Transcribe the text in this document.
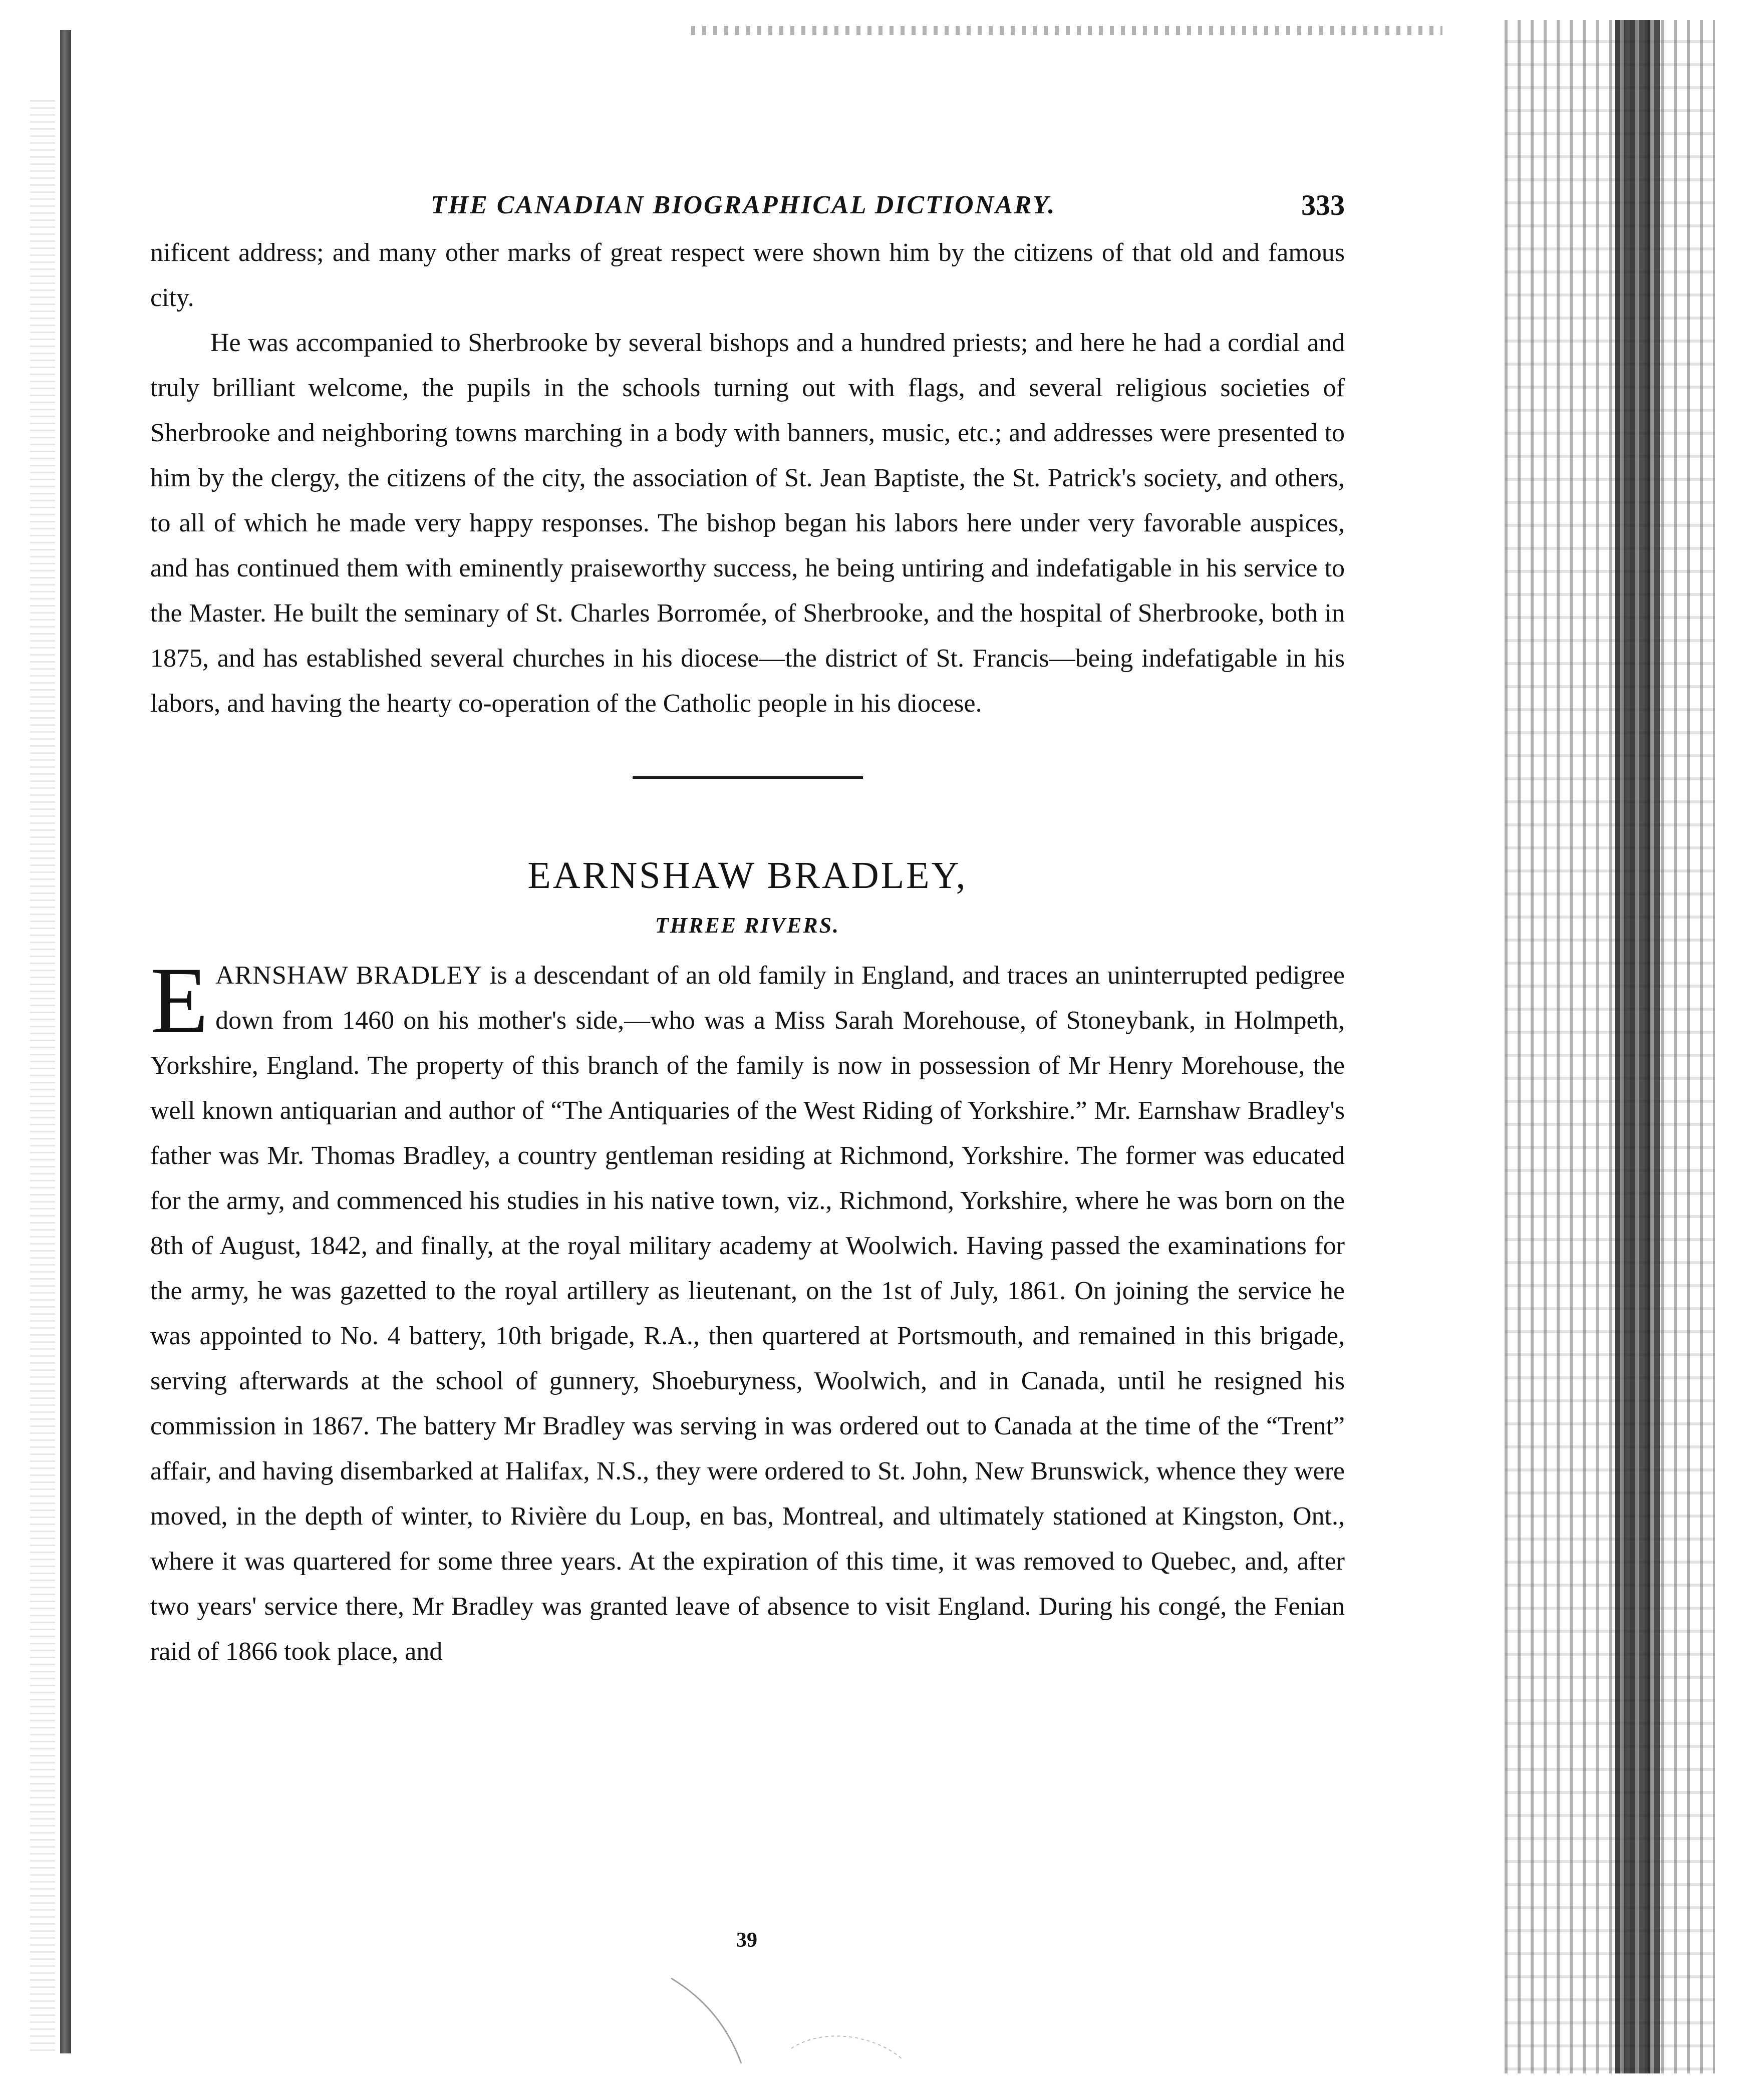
THE CANADIAN BIOGRAPHICAL DICTIONARY.	333

nificent address; and many other marks of great respect were shown him by the citizens of that old and famous city.

He was accompanied to Sherbrooke by several bishops and a hundred priests; and here he had a cordial and truly brilliant welcome, the pupils in the schools turning out with flags, and several religious societies of Sherbrooke and neighboring towns marching in a body with banners, music, etc.; and addresses were presented to him by the clergy, the citizens of the city, the association of St. Jean Baptiste, the St. Patrick's society, and others, to all of which he made very happy responses. The bishop began his labors here under very favorable auspices, and has continued them with eminently praiseworthy success, he being untiring and indefatigable in his service to the Master. He built the seminary of St. Charles Borromée, of Sherbrooke, and the hospital of Sherbrooke, both in 1875, and has established several churches in his diocese—the district of St. Francis—being indefatigable in his labors, and having the hearty co-operation of the Catholic people in his diocese.

EARNSHAW BRADLEY,
THREE RIVERS.

EARNSHAW BRADLEY is a descendant of an old family in England, and traces an uninterrupted pedigree down from 1460 on his mother's side,—who was a Miss Sarah Morehouse, of Stoneybank, in Holmpeth, Yorkshire, England. The property of this branch of the family is now in possession of Mr Henry Morehouse, the well known antiquarian and author of “The Antiquaries of the West Riding of Yorkshire.” Mr. Earnshaw Bradley's father was Mr. Thomas Bradley, a country gentleman residing at Richmond, Yorkshire. The former was educated for the army, and commenced his studies in his native town, viz., Richmond, Yorkshire, where he was born on the 8th of August, 1842, and finally, at the royal military academy at Woolwich. Having passed the examinations for the army, he was gazetted to the royal artillery as lieutenant, on the 1st of July, 1861. On joining the service he was appointed to No. 4 battery, 10th brigade, R.A., then quartered at Portsmouth, and remained in this brigade, serving afterwards at the school of gunnery, Shoeburyness, Woolwich, and in Canada, until he resigned his commission in 1867. The battery Mr Bradley was serving in was ordered out to Canada at the time of the “Trent” affair, and having disembarked at Halifax, N.S., they were ordered to St. John, New Brunswick, whence they were moved, in the depth of winter, to Rivière du Loup, en bas, Montreal, and ultimately stationed at Kingston, Ont., where it was quartered for some three years. At the expiration of this time, it was removed to Quebec, and, after two years' service there, Mr Bradley was granted leave of absence to visit England. During his congé, the Fenian raid of 1866 took place, and

39
